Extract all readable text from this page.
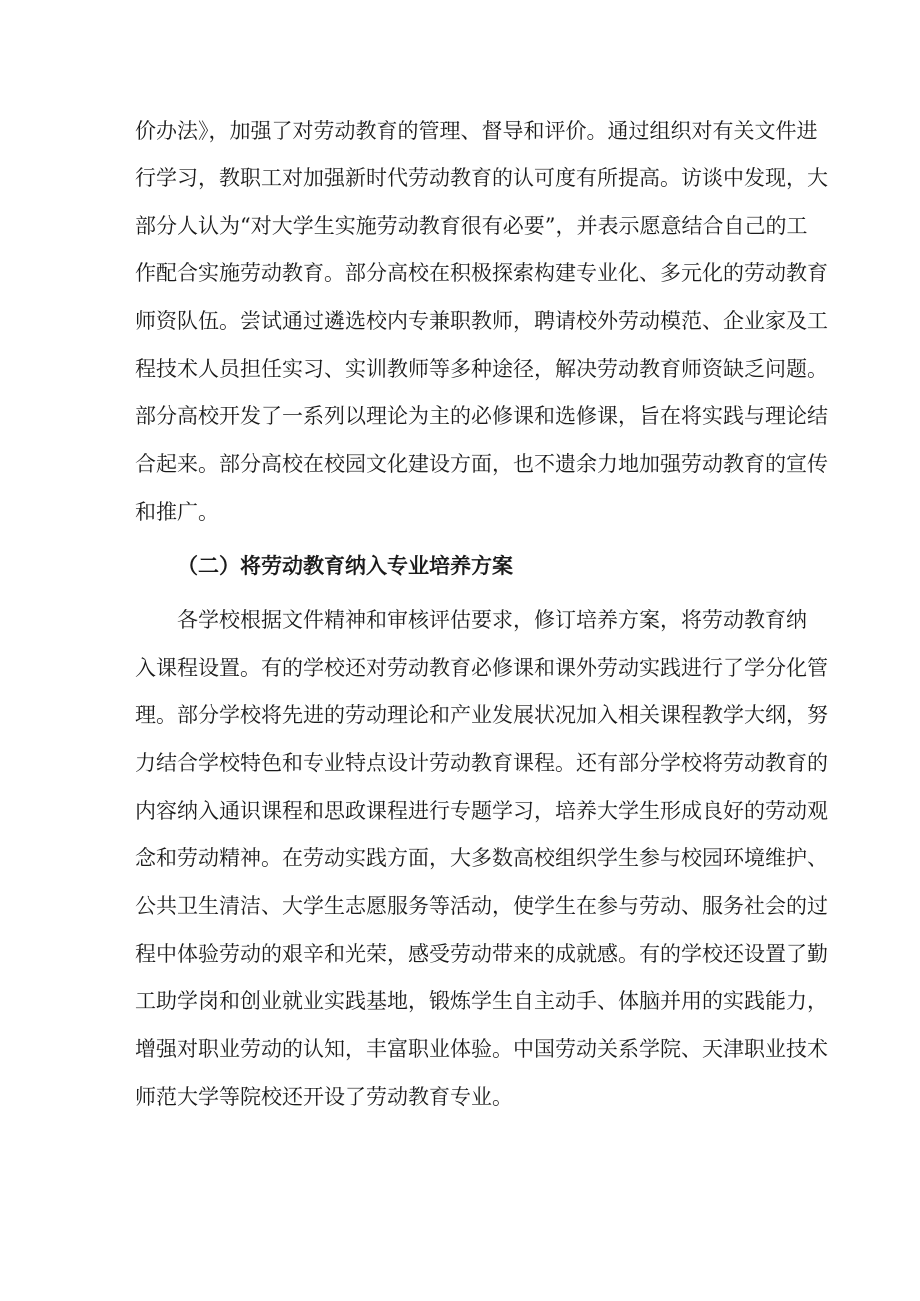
价办法》，加强了对劳动教育的管理、督导和评价。通过组织对有关文件进

行学习，教职工对加强新时代劳动教育的认可度有所提高。访谈中发现，大

部分人认为“对大学生实施劳动教育很有必要”，并表示愿意结合自己的工

作配合实施劳动教育。部分高校在积极探索构建专业化、多元化的劳动教育

师资队伍。尝试通过遴选校内专兼职教师，聘请校外劳动模范、企业家及工

程技术人员担任实习、实训教师等多种途径，解决劳动教育师资缺乏问题。

部分高校开发了一系列以理论为主的必修课和选修课，旨在将实践与理论结

合起来。部分高校在校园文化建设方面，也不遗余力地加强劳动教育的宣传

和推广。

（二）将劳动教育纳入专业培养方案

各学校根据文件精神和审核评估要求，修订培养方案，将劳动教育纳

入课程设置。有的学校还对劳动教育必修课和课外劳动实践进行了学分化管

理。部分学校将先进的劳动理论和产业发展状况加入相关课程教学大纲，努

力结合学校特色和专业特点设计劳动教育课程。还有部分学校将劳动教育的

内容纳入通识课程和思政课程进行专题学习，培养大学生形成良好的劳动观

念和劳动精神。在劳动实践方面，大多数高校组织学生参与校园环境维护、

公共卫生清洁、大学生志愿服务等活动，使学生在参与劳动、服务社会的过

程中体验劳动的艰辛和光荣，感受劳动带来的成就感。有的学校还设置了勤

工助学岗和创业就业实践基地，锻炼学生自主动手、体脑并用的实践能力，

增强对职业劳动的认知，丰富职业体验。中国劳动关系学院、天津职业技术

师范大学等院校还开设了劳动教育专业。
